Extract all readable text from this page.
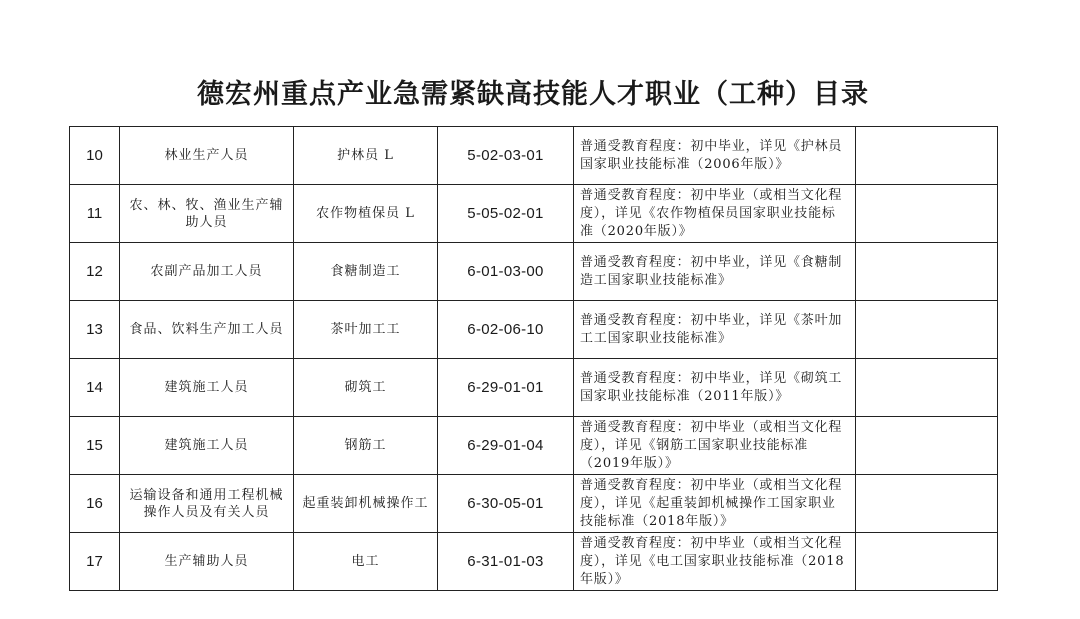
德宏州重点产业急需紧缺高技能人才职业（工种）目录
10	林业生产人员	护林员 L	5-02-03-01	普通受教育程度：初中毕业，详见《护林员国家职业技能标准（2006年版）》	
11	农、林、牧、渔业生产辅助人员	农作物植保员 L	5-05-02-01	普通受教育程度：初中毕业（或相当文化程度），详见《农作物植保员国家职业技能标准（2020年版）》	
12	农副产品加工人员	食糖制造工	6-01-03-00	普通受教育程度：初中毕业，详见《食糖制造工国家职业技能标准》	
13	食品、饮料生产加工人员	茶叶加工工	6-02-06-10	普通受教育程度：初中毕业，详见《茶叶加工工国家职业技能标准》	
14	建筑施工人员	砌筑工	6-29-01-01	普通受教育程度：初中毕业，详见《砌筑工国家职业技能标准（2011年版）》	
15	建筑施工人员	钢筋工	6-29-01-04	普通受教育程度：初中毕业（或相当文化程度），详见《钢筋工国家职业技能标准（2019年版）》	
16	运输设备和通用工程机械操作人员及有关人员	起重装卸机械操作工	6-30-05-01	普通受教育程度：初中毕业（或相当文化程度），详见《起重装卸机械操作工国家职业技能标准（2018年版）》	
17	生产辅助人员	电工	6-31-01-03	普通受教育程度：初中毕业（或相当文化程度），详见《电工国家职业技能标准（2018年版）》	
